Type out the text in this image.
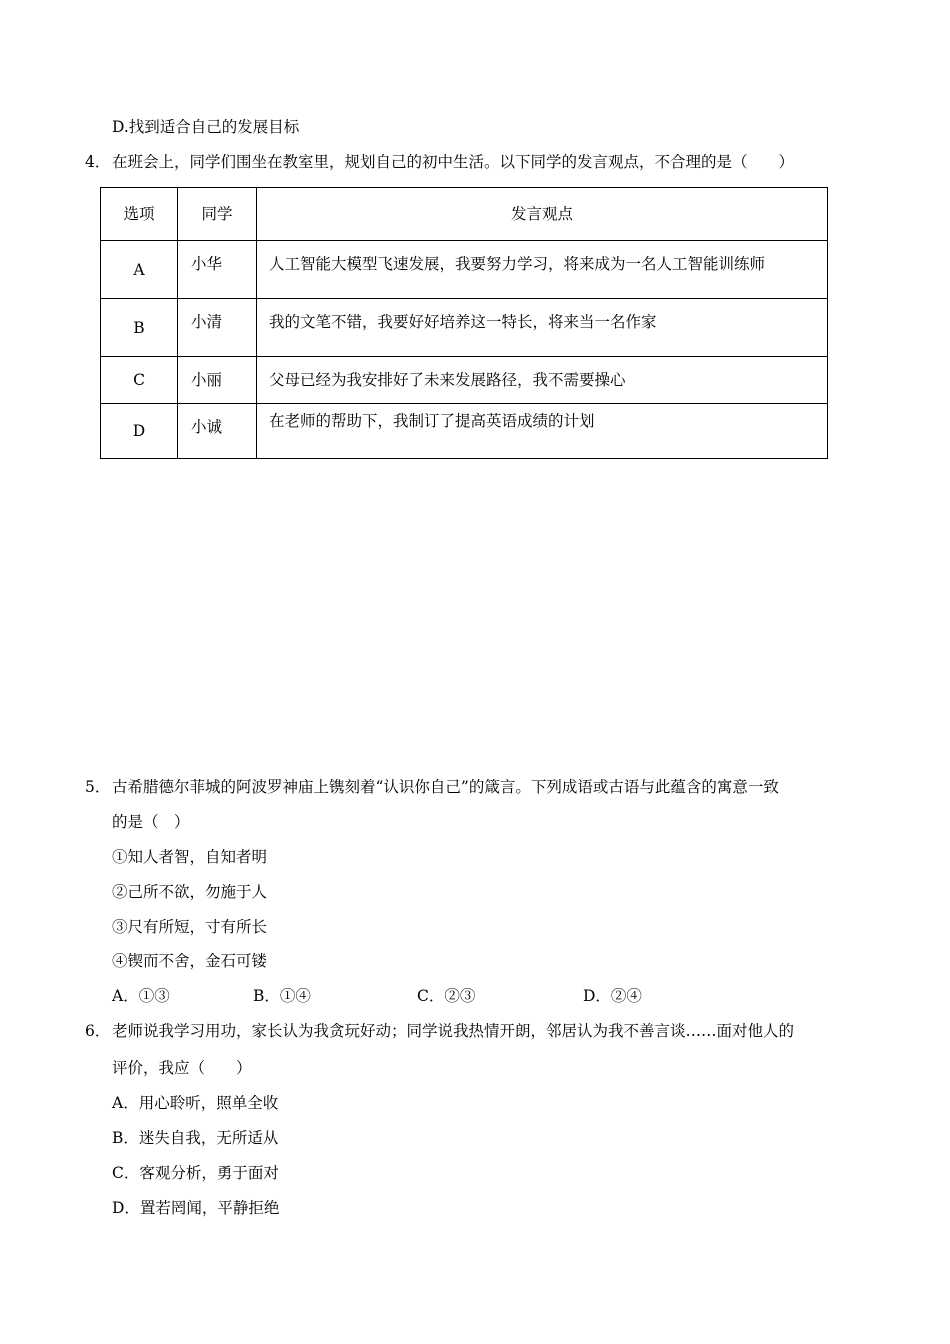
D.找到适合自己的发展目标
4． 在班会上，同学们围坐在教室里，规划自己的初中生活。以下同学的发言观点，不合理的是（　　）
选项	同学	发言观点
A	小华	人工智能大模型飞速发展，我要努力学习，将来成为一名人工智能训练师
B	小清	我的文笔不错，我要好好培养这一特长，将来当一名作家
C	小丽	父母已经为我安排好了未来发展路径，我不需要操心
D	小诚	在老师的帮助下，我制订了提高英语成绩的计划
5． 古希腊德尔菲城的阿波罗神庙上镌刻着“认识你自己”的箴言。下列成语或古语与此蕴含的寓意一致
的是（　）
①知人者智，自知者明
②己所不欲，勿施于人
③尺有所短，寸有所长
④锲而不舍，金石可镂
A．①③	B．①④	C．②③	D．②④
6． 老师说我学习用功，家长认为我贪玩好动；同学说我热情开朗，邻居认为我不善言谈……面对他人的
评价，我应（　　）
A．用心聆听，照单全收
B．迷失自我，无所适从
C．客观分析，勇于面对
D．置若罔闻，平静拒绝
